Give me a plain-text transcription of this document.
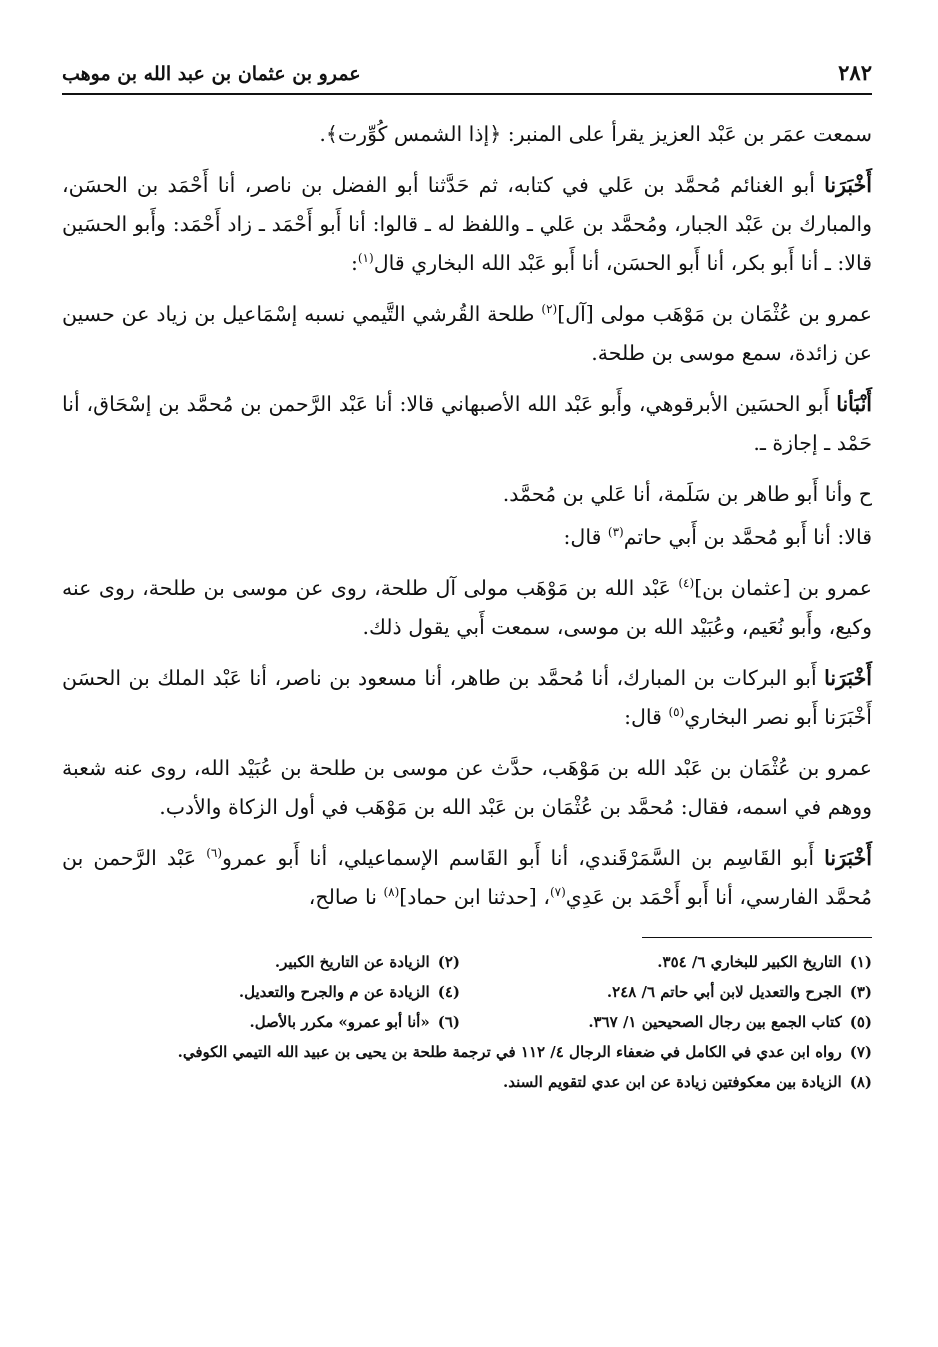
عمرو بن عثمان بن عبد الله بن موهب	٢٨٢

سمعت عمَر بن عَبْد العزيز يقرأ على المنبر: ﴿إذا الشمس كُوِّرت﴾.

أَخْبَرَنا أبو الغنائم مُحمَّد بن عَلي في كتابه، ثم حَدَّثنا أبو الفضل بن ناصر، أنا أَحْمَد بن الحسَن، والمبارك بن عَبْد الجبار، ومُحمَّد بن عَلي ـ واللفظ له ـ قالوا: أنا أَبو أَحْمَد ـ زاد أَحْمَد: وأَبو الحسَين قالا: ـ أنا أَبو بكر، أنا أَبو الحسَن، أنا أَبو عَبْد الله البخاري قال$^{(١)}$:

عمرو بن عُثْمَان بن مَوْهَب مولى [آل]$^{(٢)}$ طلحة القُرشي التَّيمي نسبه إسْمَاعيل بن زياد عن حسين عن زائدة، سمع موسى بن طلحة.

أَنْبَأنا أَبو الحسَين الأبرقوهي، وأَبو عَبْد الله الأصبهاني قالا: أنا عَبْد الرَّحمن بن مُحمَّد بن إسْحَاق، أنا حَمْد ـ إجازة ـ.

ح وأنا أَبو طاهر بن سَلَمة، أنا عَلي بن مُحمَّد.

قالا: أنا أَبو مُحمَّد بن أَبي حاتم$^{(٣)}$ قال:

عمرو بن [عثمان بن]$^{(٤)}$ عَبْد الله بن مَوْهَب مولى آل طلحة، روى عن موسى بن طلحة، روى عنه وكيع، وأَبو نُعَيم، وعُبَيْد الله بن موسى، سمعت أَبي يقول ذلك.

أَخْبَرَنا أَبو البركات بن المبارك، أنا مُحمَّد بن طاهر، أنا مسعود بن ناصر، أنا عَبْد الملك بن الحسَن أَخْبَرَنا أَبو نصر البخاري$^{(٥)}$ قال:

عمرو بن عُثْمَان بن عَبْد الله بن مَوْهَب، حدَّث عن موسى بن طلحة بن عُبَيْد الله، روى عنه شعبة ووهم في اسمه، فقال: مُحمَّد بن عُثْمَان بن عَبْد الله بن مَوْهَب في أول الزكاة والأدب.

أَخْبَرَنا أَبو القَاسِم بن السَّمَرْقَندي، أنا أَبو القَاسم الإسماعيلي، أنا أَبو عمرو$^{(٦)}$ عَبْد الرَّحمن بن مُحمَّد الفارسي، أنا أَبو أَحْمَد بن عَدِي$^{(٧)}$، [حدثنا ابن حماد]$^{(٨)}$ نا صالح،

(١)التاريخ الكبير للبخاري ٦/ ٣٥٤.
(٢)الزيادة عن التاريخ الكبير.
(٣)الجرح والتعديل لابن أبي حاتم ٦/ ٢٤٨.
(٤)الزيادة عن م والجرح والتعديل.
(٥)كتاب الجمع بين رجال الصحيحين ١/ ٣٦٧.
(٦)«أنا أبو عمرو» مكرر بالأصل.
(٧)رواه ابن عدي في الكامل في ضعفاء الرجال ٤/ ١١٢ في ترجمة طلحة بن يحيى بن عبيد الله التيمي الكوفي.
(٨)الزيادة بين معكوفتين زيادة عن ابن عدي لتقويم السند.
